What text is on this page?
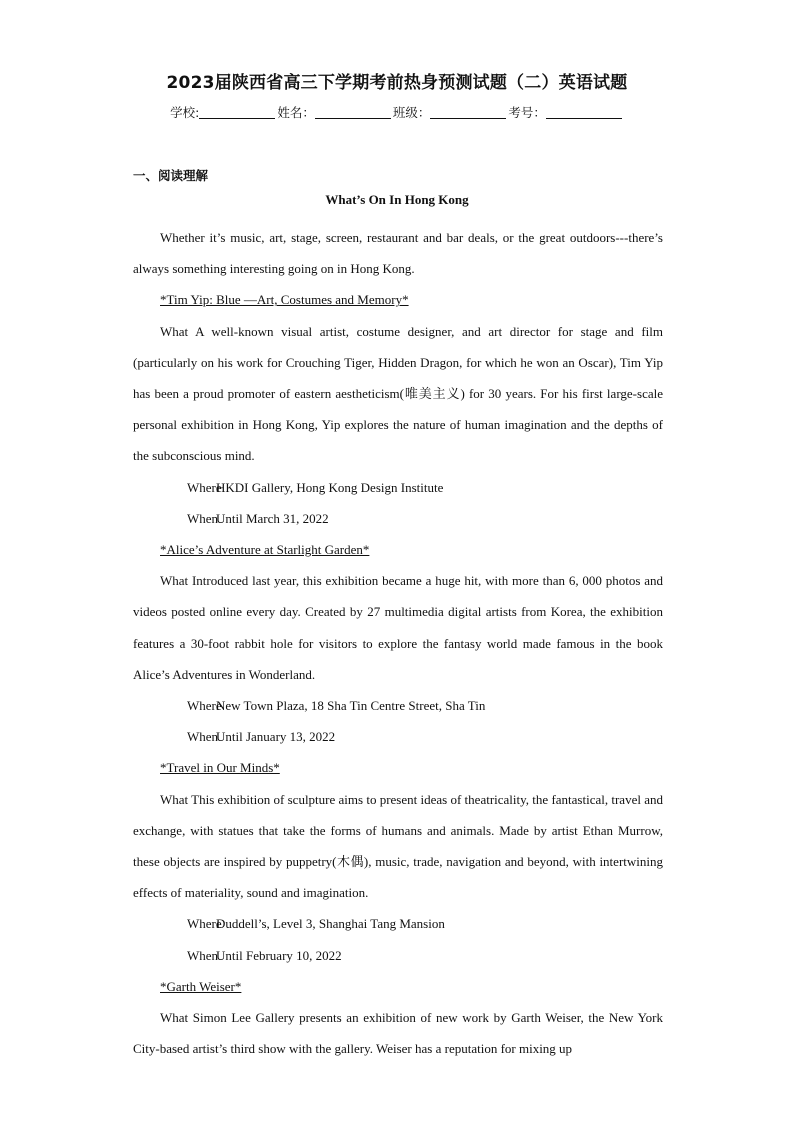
2023届陕西省高三下学期考前热身预测试题（二）英语试题
学校:	姓名：	班级：	考号：
一、阅读理解
What’s On In Hong Kong

Whether it’s music, art, stage, screen, restaurant and bar deals, or the great outdoors---there’s always something interesting going on in Hong Kong.

*Tim Yip: Blue —Art, Costumes and Memory*

What A well-known visual artist, costume designer, and art director for stage and film (particularly on his work for Crouching Tiger, Hidden Dragon, for which he won an Oscar), Tim Yip has been a proud promoter of eastern aestheticism(唯美主义) for 30 years. For his first large-scale personal exhibition in Hong Kong, Yip explores the nature of human imagination and the depths of the subconscious mind.

WhereHKDI Gallery, Hong Kong Design Institute

WhenUntil March 31, 2022

*Alice’s Adventure at Starlight Garden*

What Introduced last year, this exhibition became a huge hit, with more than 6, 000 photos and videos posted online every day. Created by 27 multimedia digital artists from Korea, the exhibition features a 30-foot rabbit hole for visitors to explore the fantasy world made famous in the book Alice’s Adventures in Wonderland.

WhereNew Town Plaza, 18 Sha Tin Centre Street, Sha Tin

WhenUntil January 13, 2022

*Travel in Our Minds*

What This exhibition of sculpture aims to present ideas of theatricality, the fantastical, travel and exchange, with statues that take the forms of humans and animals. Made by artist Ethan Murrow, these objects are inspired by puppetry(木偶), music, trade, navigation and beyond, with intertwining effects of materiality, sound and imagination.

WhereDuddell’s, Level 3, Shanghai Tang Mansion

WhenUntil February 10, 2022

*Garth Weiser*

What Simon Lee Gallery presents an exhibition of new work by Garth Weiser, the New York City-based artist’s third show with the gallery. Weiser has a reputation for mixing up
